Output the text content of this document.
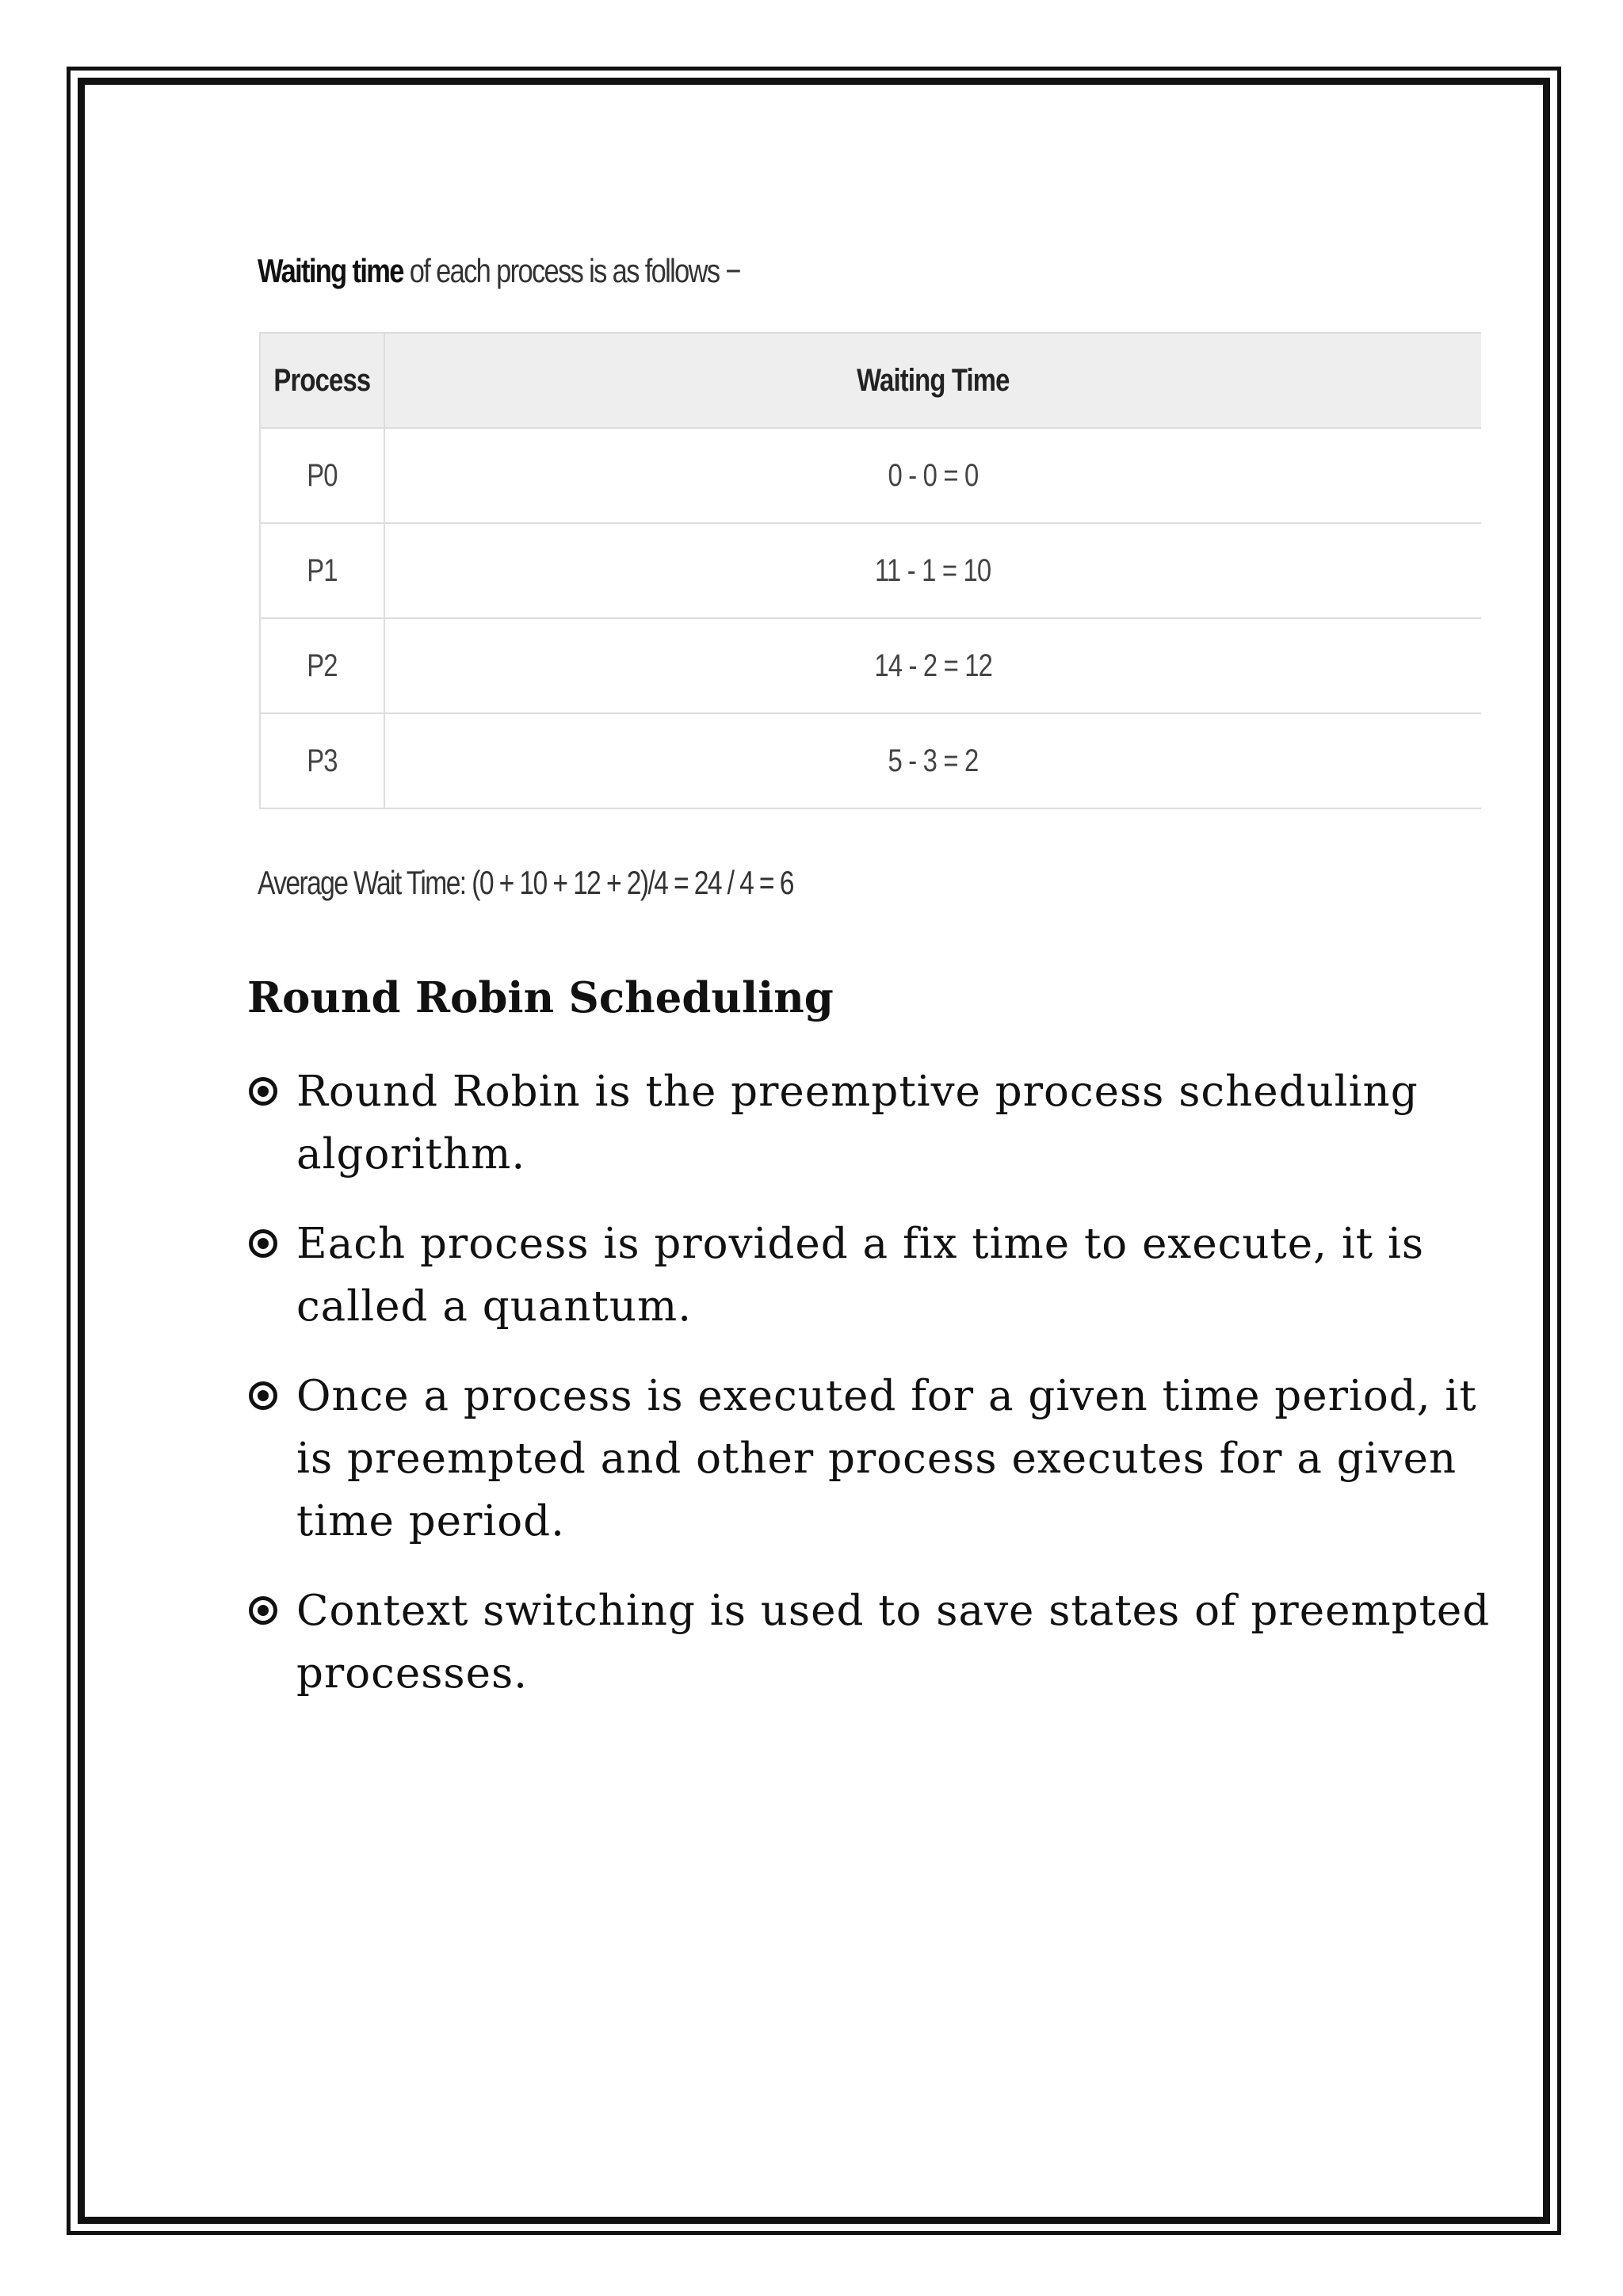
Waiting time of each process is as follows −
Process	Waiting Time
P0	0 - 0 = 0
P1	11 - 1 = 10
P2	14 - 2 = 12
P3	5 - 3 = 2
Average Wait Time: (0 + 10 + 12 + 2)/4 = 24 / 4 = 6
Round Robin Scheduling
Round Robin is the preemptive process scheduling algorithm.
Each process is provided a fix time to execute, it is called a quantum.
Once a process is executed for a given time period, it is preempted and other process executes for a given time period.
Context switching is used to save states of preempted processes.
